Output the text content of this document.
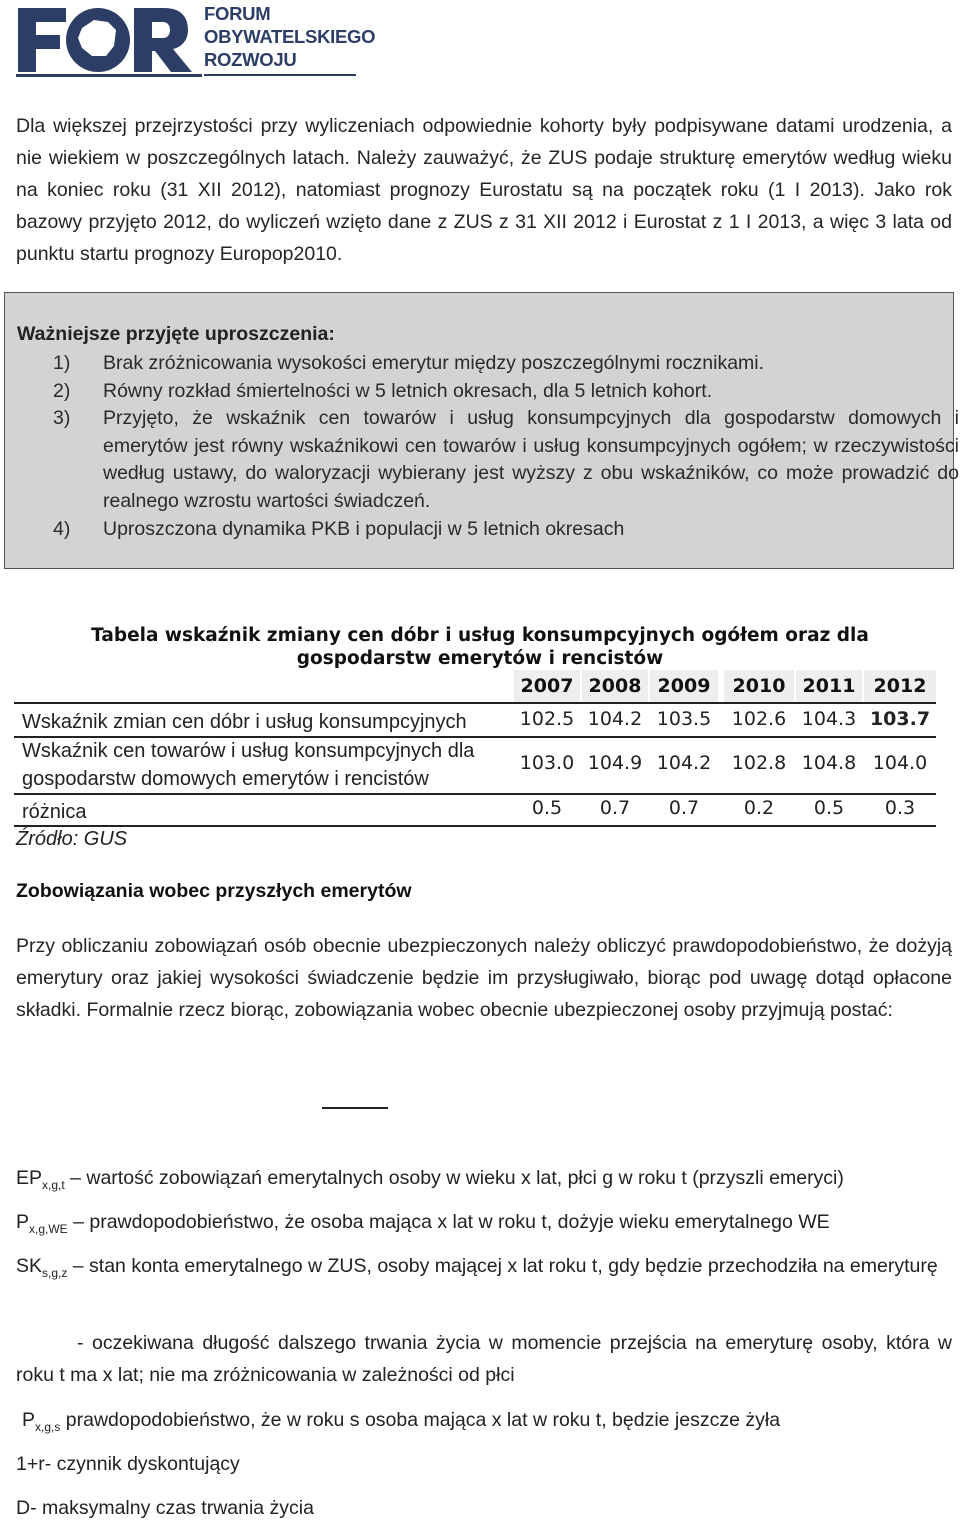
FORUM
OBYWATELSKIEGO
ROZWOJU
Dla większej przejrzystości przy wyliczeniach odpowiednie kohorty były podpisywane datami urodzenia, a nie wiekiem w poszczególnych latach. Należy zauważyć, że ZUS podaje strukturę emerytów według wieku na koniec roku (31 XII 2012), natomiast prognozy Eurostatu są na początek roku (1 I 2013). Jako rok bazowy przyjęto 2012, do wyliczeń wzięto dane z ZUS z 31 XII 2012 i Eurostat z 1 I 2013, a więc 3 lata od punktu startu prognozy Europop2010.
Ważniejsze przyjęte uproszczenia:
1)	Brak zróżnicowania wysokości emerytur między poszczególnymi rocznikami.
2)	Równy rozkład śmiertelności w 5 letnich okresach, dla 5 letnich kohort.
3)	Przyjęto, że wskaźnik cen towarów i usług konsumpcyjnych dla gospodarstw domowych i emerytów jest równy wskaźnikowi cen towarów i usług konsumpcyjnych ogółem; w rzeczywistości według ustawy, do waloryzacji wybierany jest wyższy z obu wskaźników, co może prowadzić do realnego wzrostu wartości świadczeń.
4)	Uproszczona dynamika PKB i populacji w 5 letnich okresach
Tabela wskaźnik zmiany cen dóbr i usług konsumpcyjnych ogółem oraz dla
gospodarstw emerytów i rencistów
2007 2008 2009	2010 2011 2012
Wskaźnik zmian cen dóbr i usług konsumpcyjnych	102.5 104.2 103.5	102.6 104.3 103.7
Wskaźnik cen towarów i usług konsumpcyjnych dla
gospodarstw domowych emerytów i rencistów
103.0 104.9 104.2	102.8 104.8 104.0
różnica	0.5	0.7	0.7	0.2	0.5	0.3
Źródło: GUS
Zobowiązania wobec przyszłych emerytów
Przy obliczaniu zobowiązań osób obecnie ubezpieczonych należy obliczyć prawdopodobieństwo, że dożyją emerytury oraz jakiej wysokości świadczenie będzie im przysługiwało, biorąc pod uwagę dotąd opłacone składki. Formalnie rzecz biorąc, zobowiązania wobec obecnie ubezpieczonej osoby przyjmują postać:
$EP_{x,g,t}$ – wartość zobowiązań emerytalnych osoby w wieku x lat, płci g w roku t (przyszli emeryci)
$P_{x,g,WE}$ – prawdopodobieństwo, że osoba mająca x lat w roku t, dożyje wieku emerytalnego WE
$SK_{s,g,z}$ – stan konta emerytalnego w ZUS, osoby mającej x lat roku t, gdy będzie przechodziła na emeryturę
- oczekiwana długość dalszego trwania życia w momencie przejścia na emeryturę osoby, która w roku t ma x lat; nie ma zróżnicowania w zależności od płci
$P_{x,g,s}$ prawdopodobieństwo, że w roku s osoba mająca x lat w roku t, będzie jeszcze żyła
1+r- czynnik dyskontujący
D- maksymalny czas trwania życia
